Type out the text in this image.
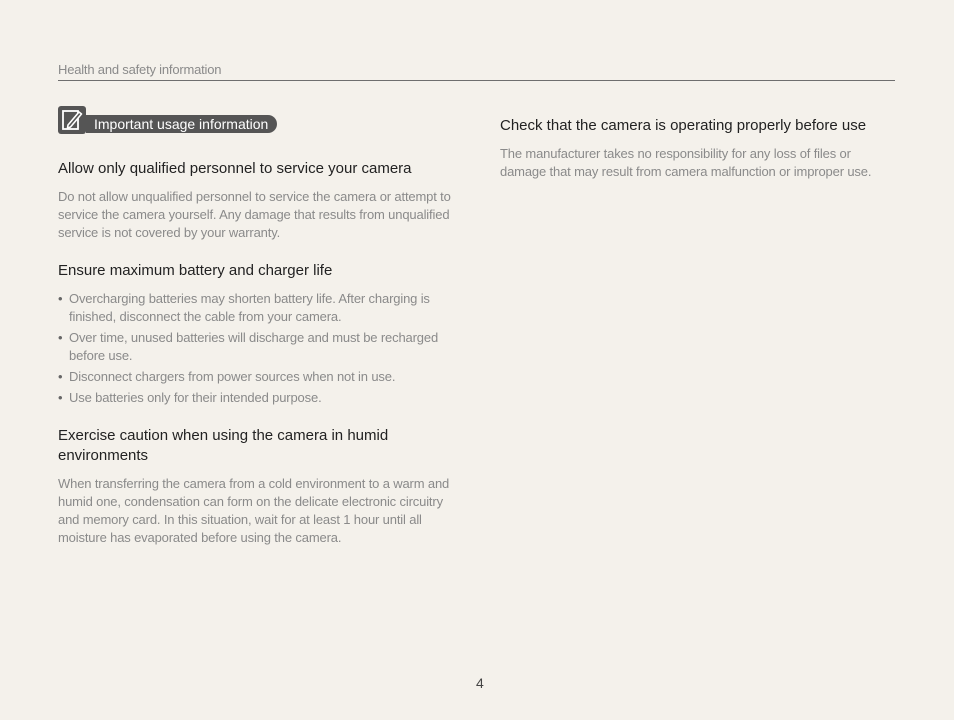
Health and safety information
Important usage information
Allow only qualified personnel to service your camera

Do not allow unqualified personnel to service the camera or attempt to service the camera yourself. Any damage that results from unqualified service is not covered by your warranty.

Ensure maximum battery and charger life
• Overcharging batteries may shorten battery life. After charging is finished, disconnect the cable from your camera.
• Over time, unused batteries will discharge and must be recharged before use.
• Disconnect chargers from power sources when not in use.
• Use batteries only for their intended purpose.
Exercise caution when using the camera in humid environments

When transferring the camera from a cold environment to a warm and humid one, condensation can form on the delicate electronic circuitry and memory card. In this situation, wait for at least 1 hour until all moisture has evaporated before using the camera.

Check that the camera is operating properly before use

The manufacturer takes no responsibility for any loss of files or damage that may result from camera malfunction or improper use.

4
